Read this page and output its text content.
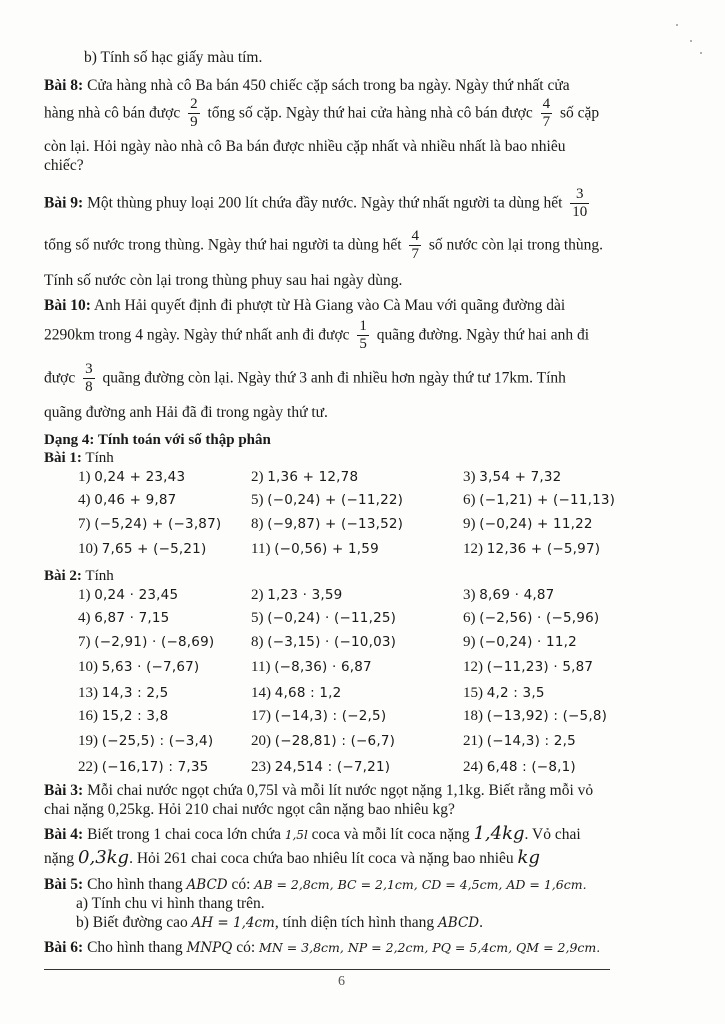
b) Tính số hạc giấy màu tím.
Bài 8: Cửa hàng nhà cô Ba bán 450 chiếc cặp sách trong ba ngày. Ngày thứ nhất cửa
hàng nhà cô bán được $\frac{2}{9}$ tổng số cặp. Ngày thứ hai cửa hàng nhà cô bán được $\frac{4}{7}$ số cặp
còn lại. Hỏi ngày nào nhà cô Ba bán được nhiều cặp nhất và nhiều nhất là bao nhiêu
chiếc?
Bài 9: Một thùng phuy loại 200 lít chứa đầy nước. Ngày thứ nhất người ta dùng hết $\frac{3}{10}$
tổng số nước trong thùng. Ngày thứ hai người ta dùng hết $\frac{4}{7}$ số nước còn lại trong thùng.
Tính số nước còn lại trong thùng phuy sau hai ngày dùng.
Bài 10: Anh Hải quyết định đi phượt từ Hà Giang vào Cà Mau với quãng đường dài
2290km trong 4 ngày. Ngày thứ nhất anh đi được $\frac{1}{5}$ quãng đường. Ngày thứ hai anh đi
được $\frac{3}{8}$ quãng đường còn lại. Ngày thứ 3 anh đi nhiều hơn ngày thứ tư 17km. Tính
quãng đường anh Hải đã đi trong ngày thứ tư.
Dạng 4: Tính toán với số thập phân
Bài 1: Tính
1) 0,24 + 23,43	2) 1,36 + 12,78	3) 3,54 + 7,32
4) 0,46 + 9,87	5) (−0,24) + (−11,22)	6) (−1,21) + (−11,13)
7) (−5,24) + (−3,87) 8) (−9,87) + (−13,52)	9) (−0,24) + 11,22
10) 7,65 + (−5,21)	11) (−0,56) + 1,59	12) 12,36 + (−5,97)
Bài 2: Tính
1) 0,24 · 23,45	2) 1,23 · 3,59	3) 8,69 · 4,87
4) 6,87 · 7,15	5) (−0,24) · (−11,25)	6) (−2,56) · (−5,96)
7) (−2,91) · (−8,69) 8) (−3,15) · (−10,03)	9) (−0,24) · 11,2
10) 5,63 · (−7,67)	11) (−8,36) · 6,87	12) (−11,23) · 5,87
13) 14,3 : 2,5	14) 4,68 : 1,2	15) 4,2 : 3,5
16) 15,2 : 3,8	17) (−14,3) : (−2,5)	18) (−13,92) : (−5,8)
19) (−25,5) : (−3,4)	20) (−28,81) : (−6,7)	21) (−14,3) : 2,5
22) (−16,17) : 7,35	23) 24,514 : (−7,21)	24) 6,48 : (−8,1)
Bài 3: Mỗi chai nước ngọt chứa 0,75l và mỗi lít nước ngọt nặng 1,1kg. Biết rằng mỗi vỏ
chai nặng 0,25kg. Hỏi 210 chai nước ngọt cân nặng bao nhiêu kg?
Bài 4: Biết trong 1 chai coca lớn chứa 1,5l coca và mỗi lít coca nặng 1,4kg. Vỏ chai
nặng 0,3kg. Hỏi 261 chai coca chứa bao nhiêu lít coca và nặng bao nhiêu kg
Bài 5: Cho hình thang ABCD có: AB = 2,8cm, BC = 2,1cm, CD = 4,5cm, AD = 1,6cm.
a) Tính chu vi hình thang trên.
b) Biết đường cao AH = 1,4cm, tính diện tích hình thang ABCD.
Bài 6: Cho hình thang MNPQ có: MN = 3,8cm, NP = 2,2cm, PQ = 5,4cm, QM = 2,9cm.
6
